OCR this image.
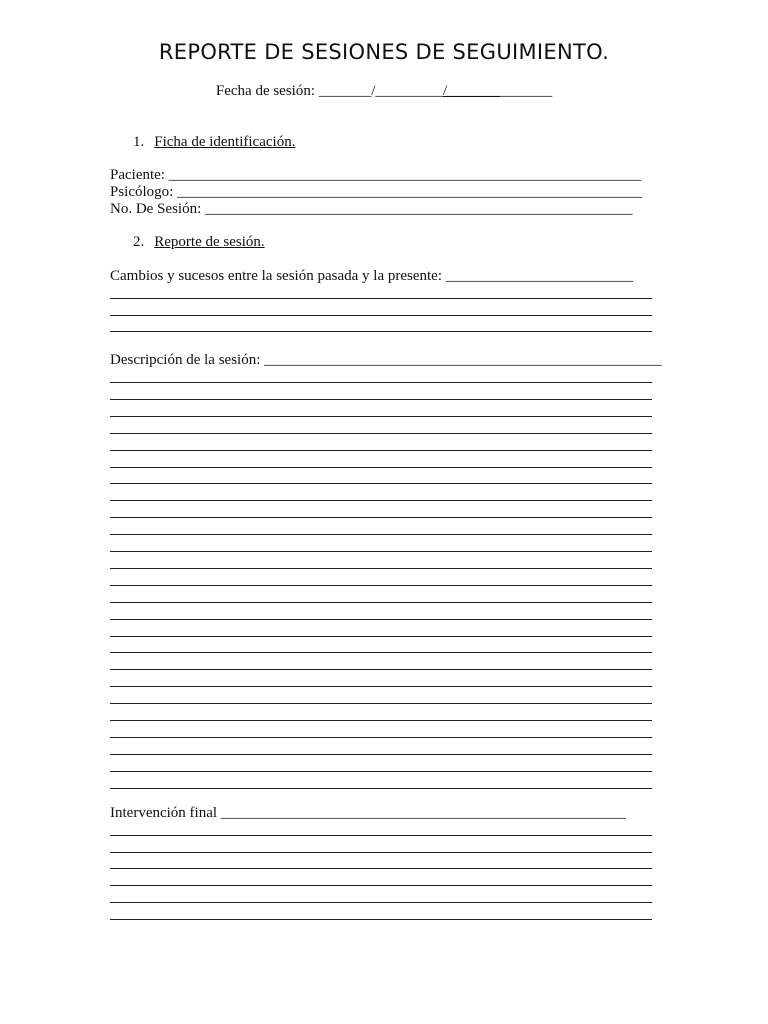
REPORTE DE SESIONES DE SEGUIMIENTO.
Fecha de sesión: _______/_________/______________
1. Ficha de identificación.
Paciente: _______________________________________________________________
Psicólogo: ______________________________________________________________
No. De Sesión: _________________________________________________________
2. Reporte de sesión.
Cambios y sucesos entre la sesión pasada y la presente: _________________________
Descripción de la sesión: _____________________________________________________
Intervención final ______________________________________________________
